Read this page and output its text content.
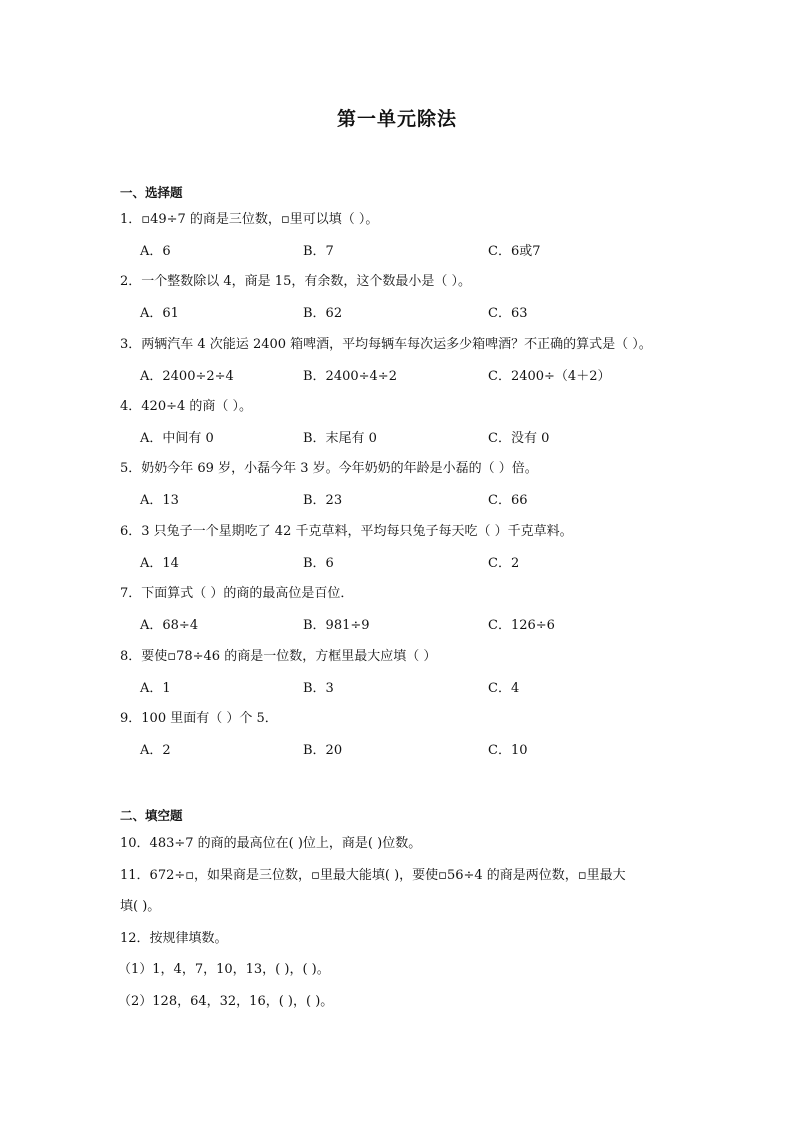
第一单元除法
一、选择题
1．▫49÷7 的商是三位数，▫里可以填（ ）。
A．6	B．7	C．6或7
2．一个整数除以 4，商是 15，有余数，这个数最小是（ ）。
A．61	B．62	C．63
3．两辆汽车 4 次能运 2400 箱啤酒，平均每辆车每次运多少箱啤酒？不正确的算式是（ ）。
A．2400÷2÷4	B．2400÷4÷2	C．2400÷（4＋2）
4．420÷4 的商（ ）。
A．中间有 0	B．末尾有 0	C．没有 0
5．奶奶今年 69 岁，小磊今年 3 岁。今年奶奶的年龄是小磊的（ ）倍。
A．13	B．23	C．66
6．3 只兔子一个星期吃了 42 千克草料，平均每只兔子每天吃（ ）千克草料。
A．14	B．6	C．2
7．下面算式（ ）的商的最高位是百位．
A．68÷4	B．981÷9	C．126÷6
8．要使▫78÷46 的商是一位数，方框里最大应填（ ）
A．1	B．3	C．4
9．100 里面有（ ）个 5．
A．2	B．20	C．10
二、填空题
10．483÷7 的商的最高位在( )位上，商是( )位数。
11．672÷▫，如果商是三位数，▫里最大能填( )，要使▫56÷4 的商是两位数，▫里最大
填( )。
12．按规律填数。
（1）1，4，7，10，13，( )，( )。
（2）128，64，32，16，( )，( )。
